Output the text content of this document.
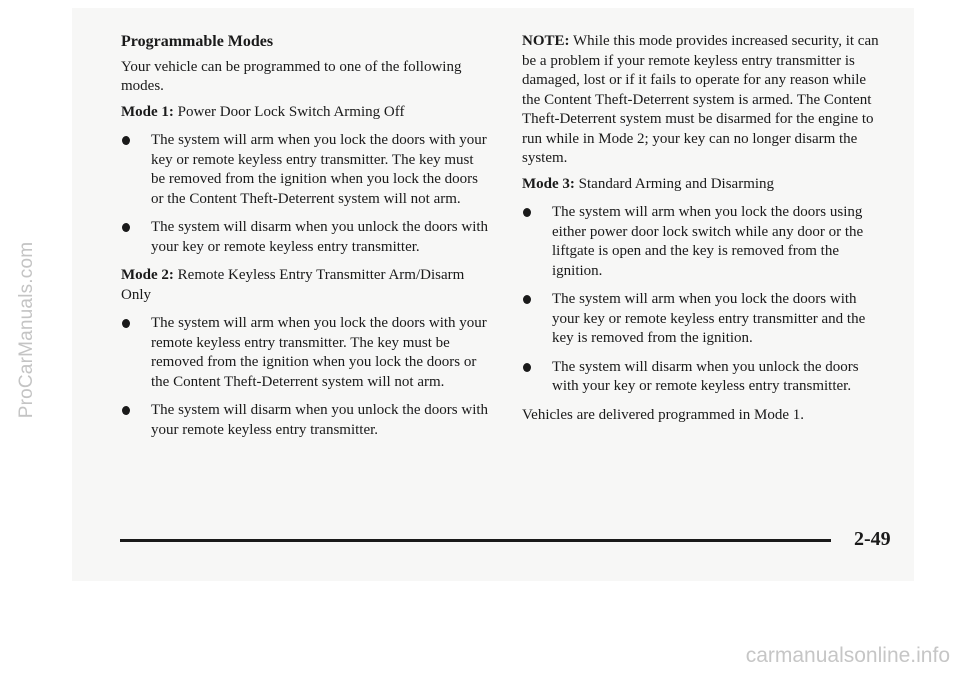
ProCarManuals.com
Programmable Modes

Your vehicle can be programmed to one of the following modes.

Mode 1: Power Door Lock Switch Arming Off
The system will arm when you lock the doors with your key or remote keyless entry transmitter. The key must be removed from the ignition when you lock the doors or the Content Theft-Deterrent system will not arm.
The system will disarm when you unlock the doors with your key or remote keyless entry transmitter.
Mode 2: Remote Keyless Entry Transmitter Arm/Disarm Only
The system will arm when you lock the doors with your remote keyless entry transmitter. The key must be removed from the ignition when you lock the doors or the Content Theft-Deterrent system will not arm.
The system will disarm when you unlock the doors with your remote keyless entry transmitter.

NOTE: While this mode provides increased security, it can be a problem if your remote keyless entry transmitter is damaged, lost or if it fails to operate for any reason while the Content Theft-Deterrent system is armed. The Content Theft-Deterrent system must be disarmed for the engine to run while in Mode 2; your key can no longer disarm the system.

Mode 3: Standard Arming and Disarming
The system will arm when you lock the doors using either power door lock switch while any door or the liftgate is open and the key is removed from the ignition.
The system will arm when you lock the doors with your key or remote keyless entry transmitter and the key is removed from the ignition.
The system will disarm when you unlock the doors with your key or remote keyless entry transmitter.

Vehicles are delivered programmed in Mode 1.

2-49
carmanualsonline.info
